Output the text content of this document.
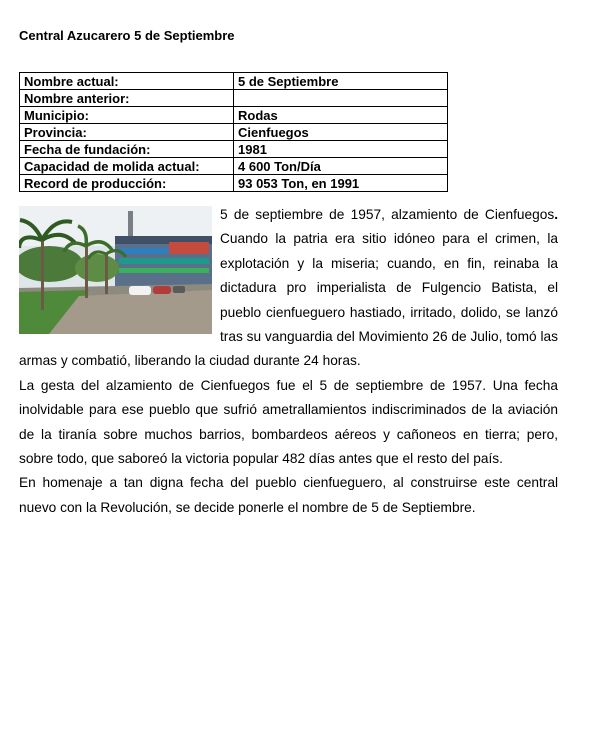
Central Azucarero 5 de Septiembre
Nombre actual:	5 de Septiembre
Nombre anterior:	
Municipio:	Rodas
Provincia:	Cienfuegos
Fecha de fundación:	1981
Capacidad de molida actual:	4 600 Ton/Día
Record de producción:	93 053 Ton, en 1991

5 de septiembre de 1957, alzamiento de Cienfuegos. Cuando la patria era sitio idóneo para el crimen, la explotación y la miseria; cuando, en fin, reinaba la dictadura pro imperialista de Fulgencio Batista, el pueblo cienfueguero hastiado, irritado, dolido, se lanzó tras su vanguardia del Movimiento 26 de Julio, tomó las armas y combatió, liberando la ciudad durante 24 horas.

La gesta del alzamiento de Cienfuegos fue el 5 de septiembre de 1957. Una fecha inolvidable para ese pueblo que sufrió ametrallamientos indiscriminados de la aviación de la tiranía sobre muchos barrios, bombardeos aéreos y cañoneos en tierra; pero, sobre todo, que saboreó la victoria popular 482 días antes que el resto del país.

En homenaje a tan digna fecha del pueblo cienfueguero, al construirse este central nuevo con la Revolución, se decide ponerle el nombre de 5 de Septiembre.
